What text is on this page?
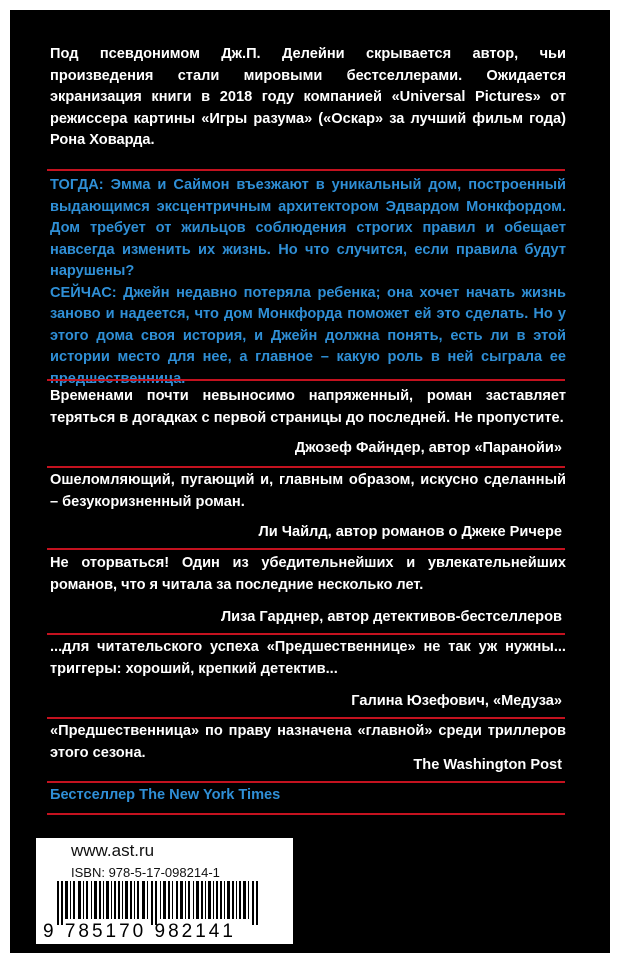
Под псевдонимом Дж.П. Делейни скрывается автор, чьи произведения стали мировыми бестселлерами. Ожидается экранизация книги в 2018 году компанией «Universal Pictures» от режиссера картины «Игры разума» («Оскар» за лучший фильм года) Рона Ховарда.
ТОГДА: Эмма и Саймон въезжают в уникальный дом, построенный выдающимся эксцентричным архитектором Эдвардом Монкфордом. Дом требует от жильцов соблюдения строгих правил и обещает навсегда изменить их жизнь. Но что случится, если правила будут нарушены?
СЕЙЧАС: Джейн недавно потеряла ребенка; она хочет начать жизнь заново и надеется, что дом Монкфорда поможет ей это сделать. Но у этого дома своя история, и Джейн должна понять, есть ли в этой истории место для нее, а главное – какую роль в ней сыграла ее
Временами почти невыносимо напряженный, роман заставляет теряться в догадках с первой страницы до последней. Не пропустите.
Джозеф Файндер, автор «Паранойи»
Ошеломляющий, пугающий и, главным образом, искусно сделанный – безукоризненный роман.
Ли Чайлд, автор романов о Джеке Ричере
Не оторваться! Один из убедительнейших и увлекательнейших романов, что я читала за последние несколько лет.
Лиза Гарднер, автор детективов-бестселлеров
...для читательского успеха «Предшественнице» не так уж нужны... триггеры: хороший, крепкий детектив...
Галина Юзефович, «Медуза»
«Предшественница» по праву назначена «главной» среди триллеров этого сезона.
The Washington Post
Бестселлер The New York Times
www.ast.ru
ISBN: 978-5-17-098214-1
9 785170 982141
